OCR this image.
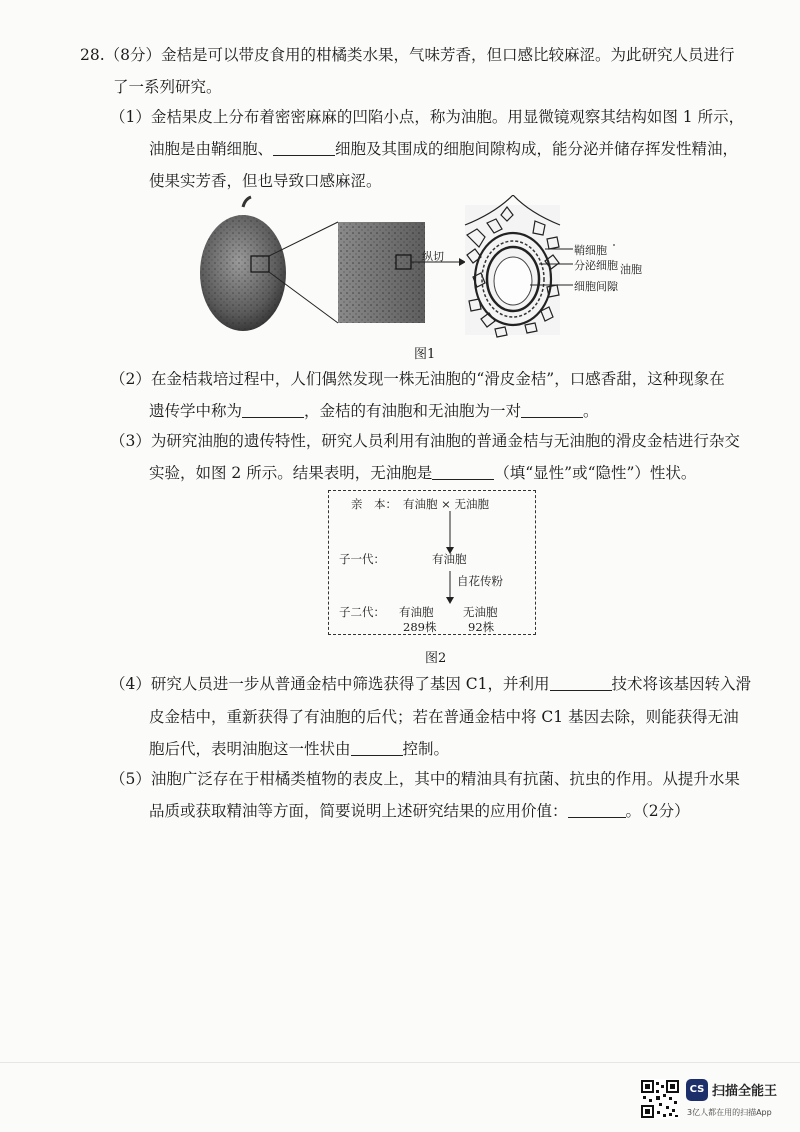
28.（8分）金桔是可以带皮食用的柑橘类水果，气味芳香，但口感比较麻涩。为此研究人员进行
了一系列研究。
（1）金桔果皮上分布着密密麻麻的凹陷小点，称为油胞。用显微镜观察其结构如图 1 所示，
油胞是由鞘细胞、	细胞及其围成的细胞间隙构成，能分泌并储存挥发性精油，
使果实芳香，但也导致口感麻涩。
纵切	鞘细胞
分泌细胞
细胞间隙
油胞
图1
（2）在金桔栽培过程中，人们偶然发现一株无油胞的“滑皮金桔”，口感香甜，这种现象在
遗传学中称为	，金桔的有油胞和无油胞为一对	。
（3）为研究油胞的遗传特性，研究人员利用有油胞的普通金桔与无油胞的滑皮金桔进行杂交
实验，如图 2 所示。结果表明，无油胞是	（填“显性”或“隐性”）性状。
亲　本： 有油胞 × 无油胞
子一代：	有油胞
自花传粉
子二代： 有油胞
289株
无油胞
92株
图2
（4）研究人员进一步从普通金桔中筛选获得了基因 C1，并利用	技术将该基因转入滑
皮金桔中，重新获得了有油胞的后代；若在普通金桔中将 C1 基因去除，则能获得无油
胞后代，表明油胞这一性状由	控制。
（5）油胞广泛存在于柑橘类植物的表皮上，其中的精油具有抗菌、抗虫的作用。从提升水果
品质或获取精油等方面，简要说明上述研究结果的应用价值：	。（2分）
CS 扫描全能王
3亿人都在用的扫描App
